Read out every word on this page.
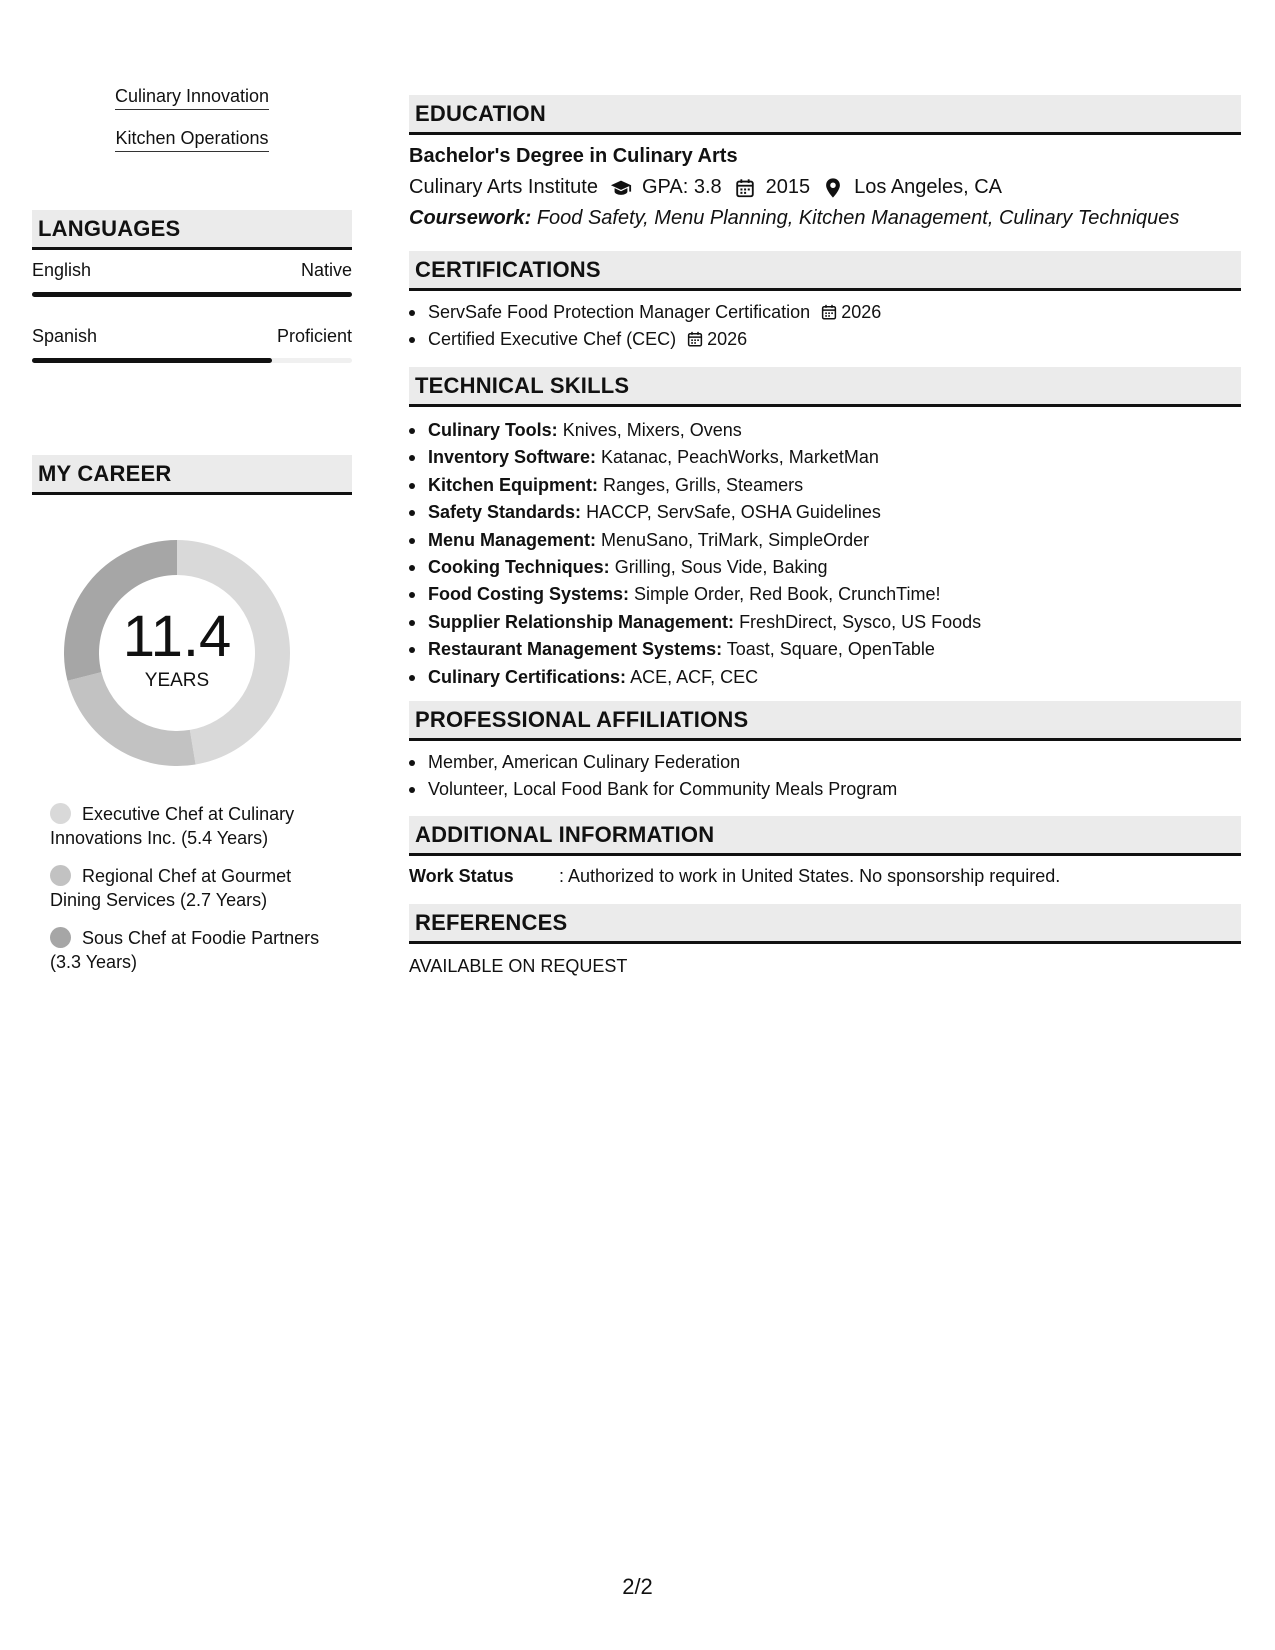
Culinary Innovation
Kitchen Operations
LANGUAGES
English	Native
Spanish	Proficient
MY CAREER
11.4
YEARS
Executive Chef at Culinary Innovations Inc. (5.4 Years)
Regional Chef at Gourmet Dining Services (2.7 Years)
Sous Chef at Foodie Partners (3.3 Years)
EDUCATION
Bachelor's Degree in Culinary Arts
Culinary Arts Institute GPA: 3.8 2015 Los Angeles, CA
Coursework: Food Safety, Menu Planning, Kitchen Management, Culinary Techniques
CERTIFICATIONS
ServSafe Food Protection Manager Certification 2026
Certified Executive Chef (CEC) 2026
TECHNICAL SKILLS
Culinary Tools: Knives, Mixers, Ovens
Inventory Software: Katanac, PeachWorks, MarketMan
Kitchen Equipment: Ranges, Grills, Steamers
Safety Standards: HACCP, ServSafe, OSHA Guidelines
Menu Management: MenuSano, TriMark, SimpleOrder
Cooking Techniques: Grilling, Sous Vide, Baking
Food Costing Systems: Simple Order, Red Book, CrunchTime!
Supplier Relationship Management: FreshDirect, Sysco, US Foods
Restaurant Management Systems: Toast, Square, OpenTable
Culinary Certifications: ACE, ACF, CEC
PROFESSIONAL AFFILIATIONS
Member, American Culinary Federation
Volunteer, Local Food Bank for Community Meals Program
ADDITIONAL INFORMATION
Work Status	: Authorized to work in United States. No sponsorship required.
REFERENCES
AVAILABLE ON REQUEST
2/2
